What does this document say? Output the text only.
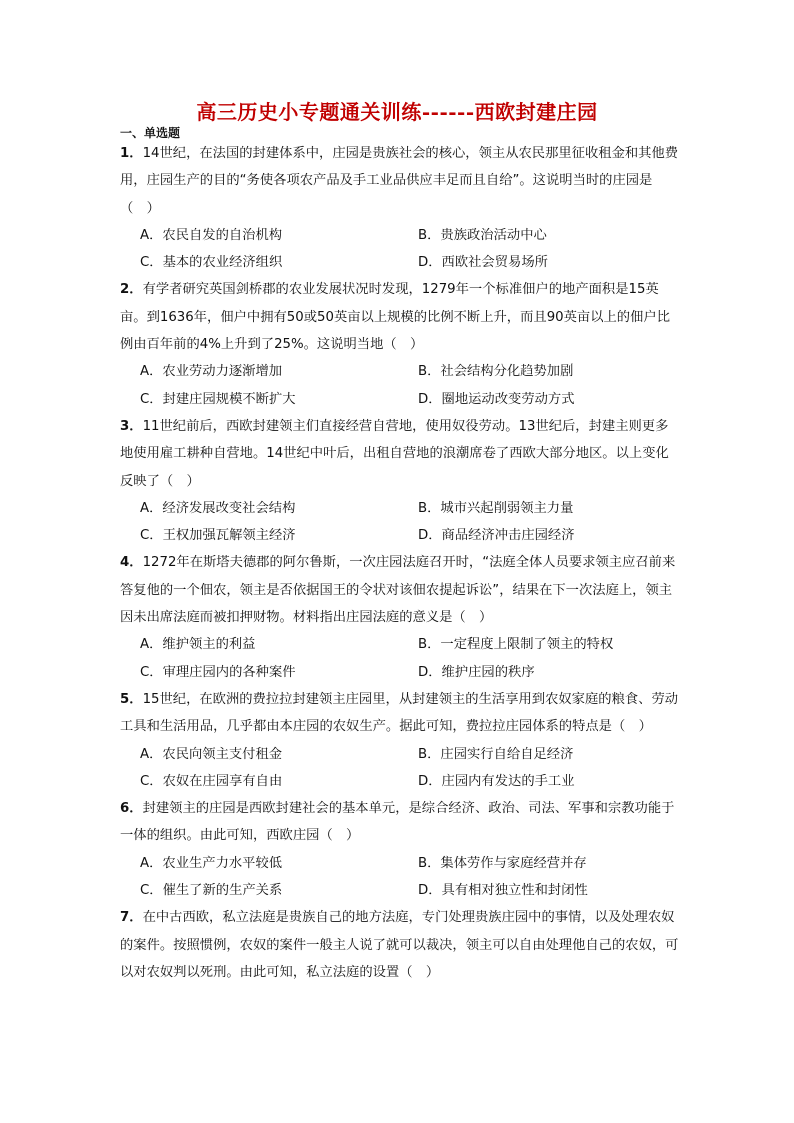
高三历史小专题通关训练------西欧封建庄园
一、单选题

1．14世纪，在法国的封建体系中，庄园是贵族社会的核心，领主从农民那里征收租金和其他费用，庄园生产的目的“务使各项农产品及手工业品供应丰足而且自给”。这说明当时的庄园是（　）

A．农民自发的自治机构	B．贵族政治活动中心
C．基本的农业经济组织	D．西欧社会贸易场所

2．有学者研究英国剑桥郡的农业发展状况时发现，1279年一个标准佃户的地产面积是15英亩。到1636年，佃户中拥有50或50英亩以上规模的比例不断上升，而且90英亩以上的佃户比例由百年前的4%上升到了25%。这说明当地（　）

A．农业劳动力逐渐增加	B．社会结构分化趋势加剧
C．封建庄园规模不断扩大	D．圈地运动改变劳动方式

3．11世纪前后，西欧封建领主们直接经营自营地，使用奴役劳动。13世纪后，封建主则更多地使用雇工耕种自营地。14世纪中叶后，出租自营地的浪潮席卷了西欧大部分地区。以上变化反映了（　）

A．经济发展改变社会结构	B．城市兴起削弱领主力量
C．王权加强瓦解领主经济	D．商品经济冲击庄园经济

4．1272年在斯塔夫德郡的阿尔鲁斯，一次庄园法庭召开时，“法庭全体人员要求领主应召前来答复他的一个佃农，领主是否依据国王的令状对该佃农提起诉讼”，结果在下一次法庭上，领主因未出席法庭而被扣押财物。材料指出庄园法庭的意义是（　）

A．维护领主的利益	B．一定程度上限制了领主的特权
C．审理庄园内的各种案件	D．维护庄园的秩序

5．15世纪，在欧洲的费拉拉封建领主庄园里，从封建领主的生活享用到农奴家庭的粮食、劳动工具和生活用品，几乎都由本庄园的农奴生产。据此可知，费拉拉庄园体系的特点是（　）

A．农民向领主支付租金	B．庄园实行自给自足经济
C．农奴在庄园享有自由	D．庄园内有发达的手工业

6．封建领主的庄园是西欧封建社会的基本单元，是综合经济、政治、司法、军事和宗教功能于一体的组织。由此可知，西欧庄园（　）

A．农业生产力水平较低	B．集体劳作与家庭经营并存
C．催生了新的生产关系	D．具有相对独立性和封闭性

7．在中古西欧，私立法庭是贵族自己的地方法庭，专门处理贵族庄园中的事情，以及处理农奴的案件。按照惯例，农奴的案件一般主人说了就可以裁决，领主可以自由处理他自己的农奴，可以对农奴判以死刑。由此可知，私立法庭的设置（　）
